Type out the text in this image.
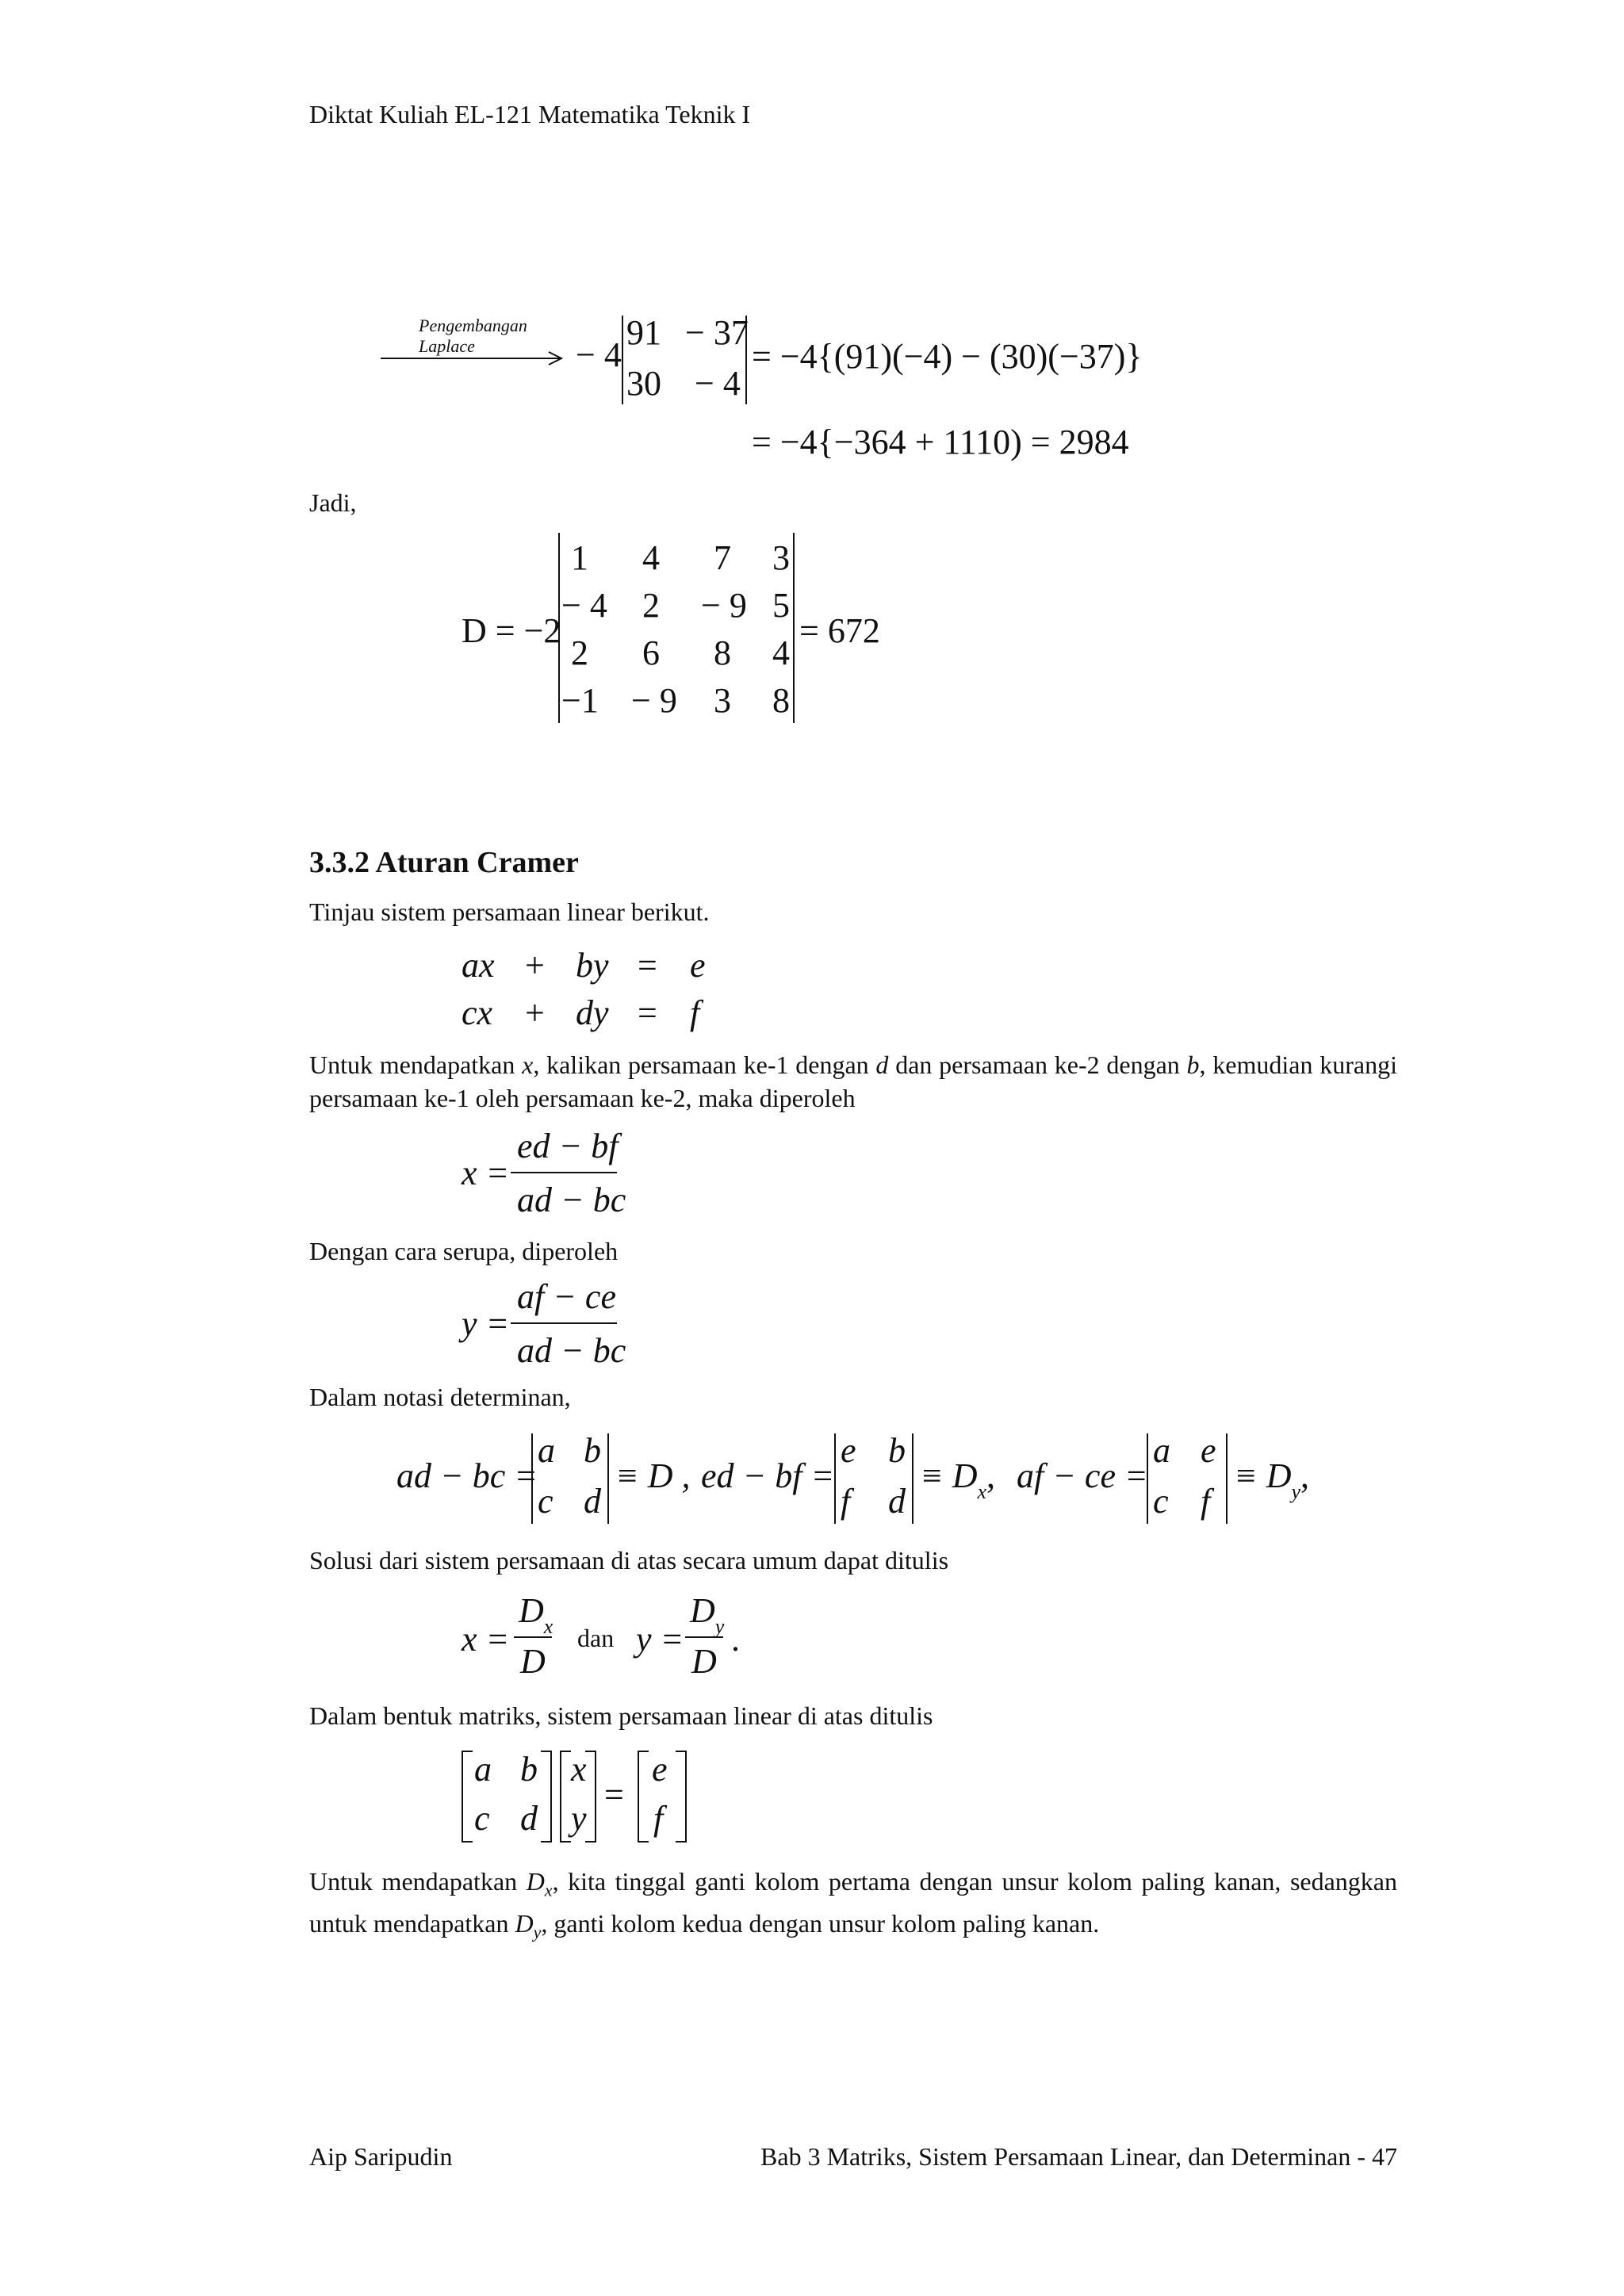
Diktat Kuliah EL-121 Matematika Teknik I
Pengembangan
Laplace	− 4
91 − 37
30 − 4
= −4{(91)(−4) − (30)(−37)}
= −4{−364 + 1110) = 2984
Jadi,
D = −2
1 4 7 3
− 4 2 − 9 5
2 6 8 4
−1 − 9 3 8
= 672
3.3.2 Aturan Cramer
Tinjau sistem persamaan linear berikut.
ax + by = e
cx + dy = f
Untuk mendapatkan x, kalikan persamaan ke-1 dengan d dan persamaan ke-2 dengan b, kemudian kurangi persamaan ke-1 oleh persamaan ke-2, maka diperoleh
x =
ed − bf
ad − bc
Dengan cara serupa, diperoleh
y =
af − ce
ad − bc
Dalam notasi determinan,
ad − bc =
a b
c d
≡ D , ed − bf =
e b
f d
≡ $D_x$, af − ce =
a e
c f
≡ $D_y$,
Solusi dari sistem persamaan di atas secara umum dapat ditulis
x =
$D_x$
D
dan y =
$D_y$
D
.
Dalam bentuk matriks, sistem persamaan linear di atas ditulis
a b
c d
x
y
=
e
f
Untuk mendapatkan $D_x$, kita tinggal ganti kolom pertama dengan unsur kolom paling kanan, sedangkan untuk mendapatkan $D_y$, ganti kolom kedua dengan unsur kolom paling kanan.
Aip Saripudin	Bab 3 Matriks, Sistem Persamaan Linear, dan Determinan - 47
